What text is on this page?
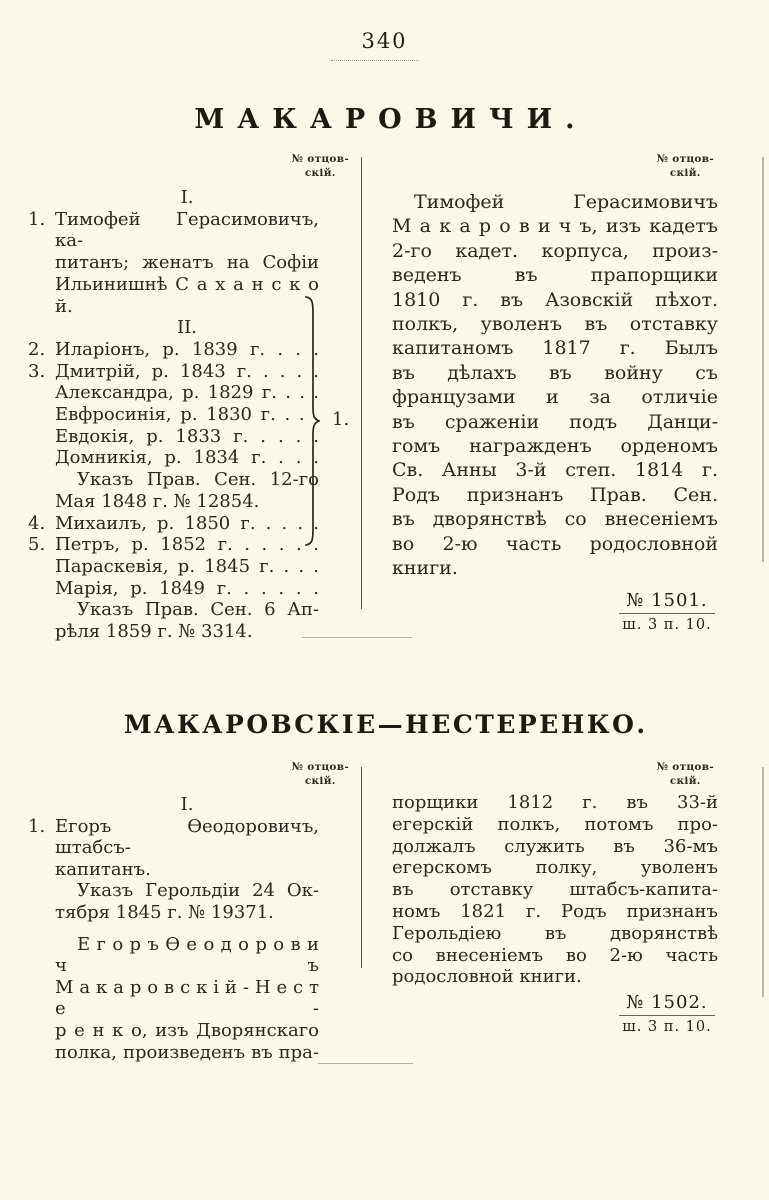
340
МАКАРОВИЧИ.
№ отцов-
скій.
№ отцов-
скій.
I.
1. Тимофей Герасимовичъ, ка-
питанъ; женатъ на Софіи
Ильинишнѣ С а х а н с к о й.
II.
2. Иларіонъ, р. 1839 г. . . .
3. Дмитрій, р. 1843 г. . . . .
Александра, р. 1829 г. . . .
Евфросинія, р. 1830 г. . . .
Евдокія, р. 1833 г. . . . .
Домникія, р. 1834 г. . . .
Указъ Прав. Сен. 12-го
Мая 1848 г. № 12854.
4. Михаилъ, р. 1850 г. . . . .
5. Петръ, р. 1852 г. . . . . .
Параскевія, р. 1845 г. . . .
Марія, р. 1849 г. . . . . .
Указъ Прав. Сен. 6 Ап-
рѣля 1859 г. № 3314.
1.
Тимофей Герасимовичъ
М а к а р о в и ч ъ, изъ кадетъ
2-го кадет. корпуса, произ-
веденъ въ прапорщики
1810 г. въ Азовскій пѣхот.
полкъ, уволенъ въ отставку
капитаномъ 1817 г. Былъ
въ дѣлахъ въ войну съ
французами и за отличіе
въ сраженіи подъ Данци-
гомъ награжденъ орденомъ
Св. Анны 3-й степ. 1814 г.
Родъ признанъ Прав. Сен.
въ дворянствѣ со внесеніемъ
во 2-ю часть родословной
книги.
№ 1501.
ш. 3 п. 10.
МАКАРОВСКІЕ—НЕСТЕРЕНКО.
№ отцов-
скій.
№ отцов-
скій.
I.
1. Егоръ Ѳеодоровичъ, штабсъ-
капитанъ.
Указъ Герольдіи 24 Ок-
тября 1845 г. № 19371.
Е г о р ъ Ѳ е о д о р о в и ч ъ
М а к а р о в с к і й - Н е с т е -
р е н к о, изъ Дворянскаго
полка, произведенъ въ пра-
порщики 1812 г. въ 33-й
егерскій полкъ, потомъ про-
должалъ служить въ 36-мъ
егерскомъ полку, уволенъ
въ отставку штабсъ-капита-
номъ 1821 г. Родъ признанъ
Герольдіею въ дворянствѣ
со внесеніемъ во 2-ю часть
родословной книги.
№ 1502.
ш. 3 п. 10.
